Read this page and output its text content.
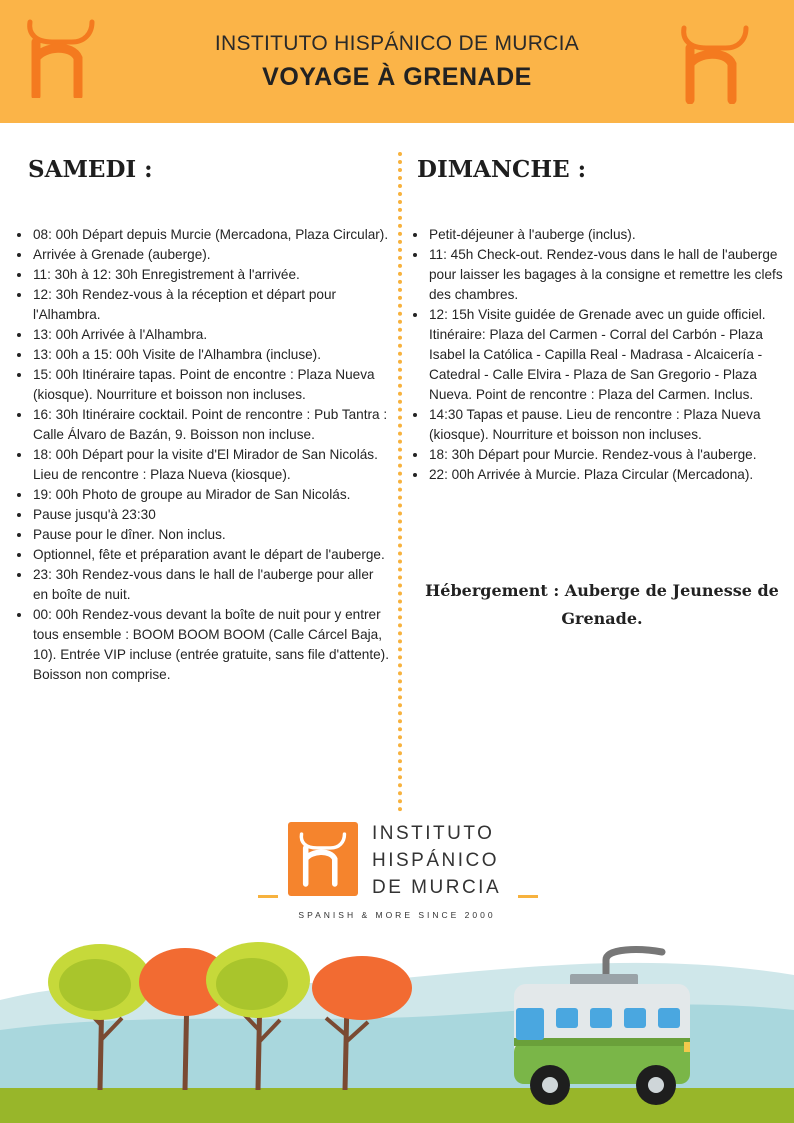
INSTITUTO HISPÁNICO DE MURCIA
VOYAGE À GRENADE
SAMEDI :	DIMANCHE :
• 08: 00h Départ depuis Murcie (Mercadona, Plaza Circular).
• Arrivée à Grenade (auberge).
• 11: 30h à 12: 30h Enregistrement à l'arrivée.
• 12: 30h Rendez-vous à la réception et départ pour l'Alhambra.
• 13: 00h Arrivée à l'Alhambra.
• 13: 00h a 15: 00h Visite de l'Alhambra (incluse).
• 15: 00h Itinéraire tapas. Point de encontre : Plaza Nueva (kiosque). Nourriture et boisson non incluses.
• 16: 30h Itinéraire cocktail. Point de rencontre : Pub Tantra : Calle Álvaro de Bazán, 9. Boisson non incluse.
• 18: 00h Départ pour la visite d'El Mirador de San Nicolás. Lieu de rencontre : Plaza Nueva (kiosque).
• 19: 00h Photo de groupe au Mirador de San Nicolás.
• Pause jusqu'à 23:30
• Pause pour le dîner. Non inclus.
• Optionnel, fête et préparation avant le départ de l'auberge.
• 23: 30h Rendez-vous dans le hall de l'auberge pour aller en boîte de nuit.
• 00: 00h Rendez-vous devant la boîte de nuit pour y entrer tous ensemble : BOOM BOOM BOOM (Calle Cárcel Baja, 10). Entrée VIP incluse (entrée gratuite, sans file d'attente). Boisson non comprise.
• Petit-déjeuner à l'auberge (inclus).
• 11: 45h Check-out. Rendez-vous dans le hall de l'auberge pour laisser les bagages à la consigne et remettre les clefs des chambres.
• 12: 15h Visite guidée de Grenade avec un guide officiel. Itinéraire: Plaza del Carmen - Corral del Carbón - Plaza Isabel la Católica - Capilla Real - Madrasa - Alcaicería - Catedral - Calle Elvira - Plaza de San Gregorio - Plaza Nueva. Point de rencontre : Plaza del Carmen. Inclus.
• 14:30 Tapas et pause. Lieu de rencontre : Plaza Nueva (kiosque). Nourriture et boisson non incluses.
• 18: 30h Départ pour Murcie. Rendez-vous à l'auberge.
• 22: 00h Arrivée à Murcie. Plaza Circular (Mercadona).
Hébergement : Auberge de Jeunesse de Grenade.
INSTITUTO
HISPÁNICO
DE MURCIA
SPANISH & MORE SINCE 2000
